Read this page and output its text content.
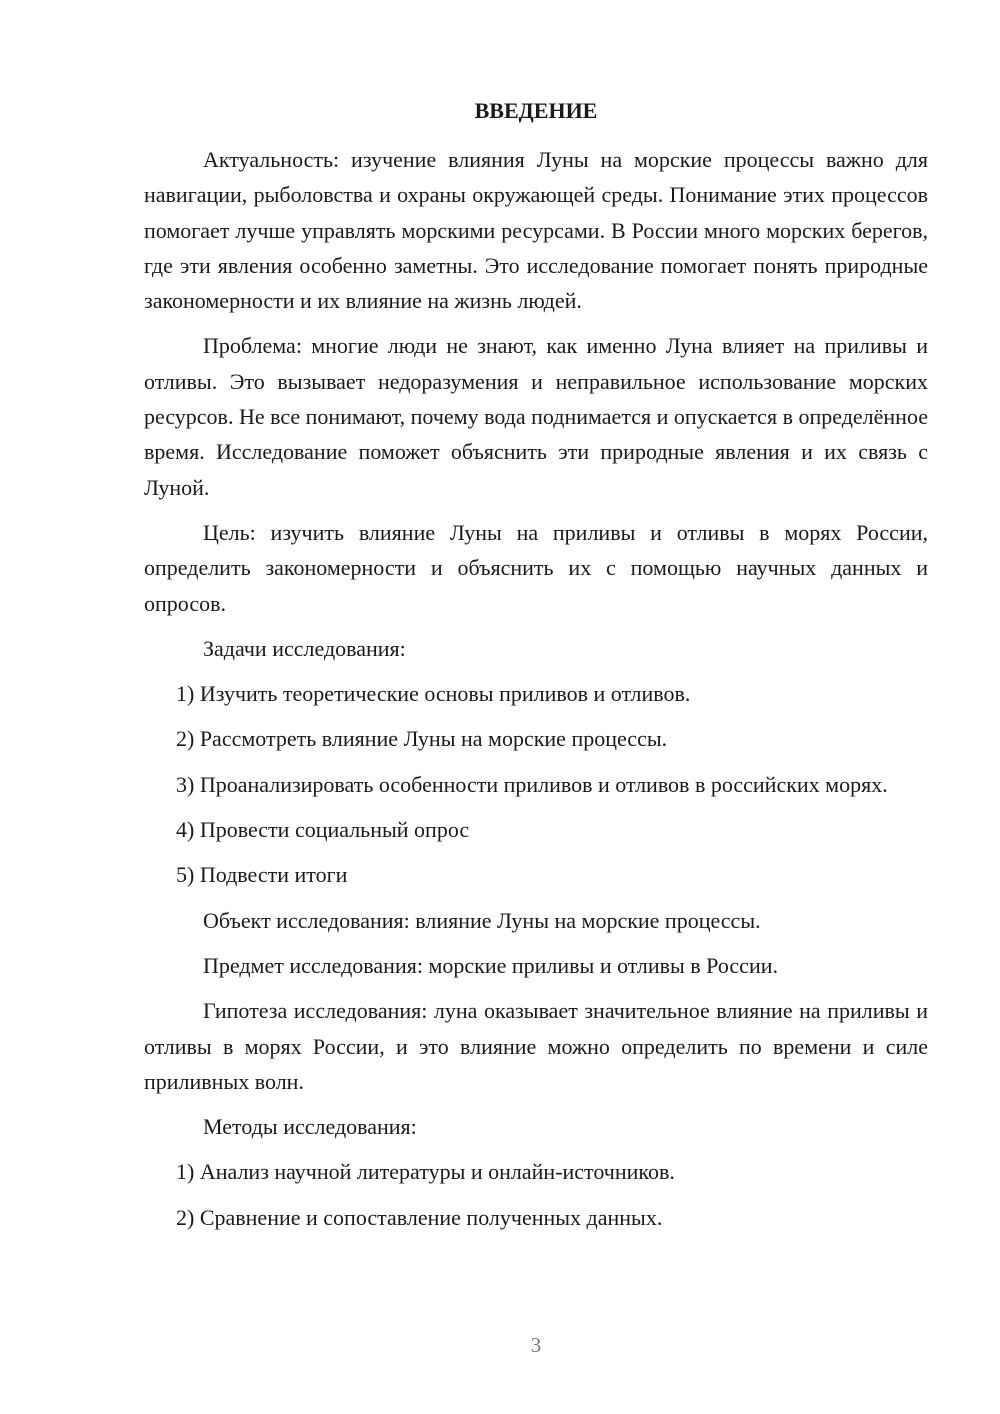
ВВЕДЕНИЕ

Актуальность: изучение влияния Луны на морские процессы важно для навигации, рыболовства и охраны окружающей среды. Понимание этих процессов помогает лучше управлять морскими ресурсами. В России много морских берегов, где эти явления особенно заметны. Это исследование помогает понять природные закономерности и их влияние на жизнь людей.

Проблема: многие люди не знают, как именно Луна влияет на приливы и отливы. Это вызывает недоразумения и неправильное использование морских ресурсов. Не все понимают, почему вода поднимается и опускается в определённое время. Исследование поможет объяснить эти природные явления и их связь с Луной.

Цель: изучить влияние Луны на приливы и отливы в морях России, определить закономерности и объяснить их с помощью научных данных и опросов.

Задачи исследования:

1) Изучить теоретические основы приливов и отливов.

2) Рассмотреть влияние Луны на морские процессы.

3) Проанализировать особенности приливов и отливов в российских морях.

4) Провести социальный опрос

5) Подвести итоги

Объект исследования: влияние Луны на морские процессы.

Предмет исследования: морские приливы и отливы в России.

Гипотеза исследования: луна оказывает значительное влияние на приливы и отливы в морях России, и это влияние можно определить по времени и силе приливных волн.

Методы исследования:

1) Анализ научной литературы и онлайн-источников.

2) Сравнение и сопоставление полученных данных.

3
